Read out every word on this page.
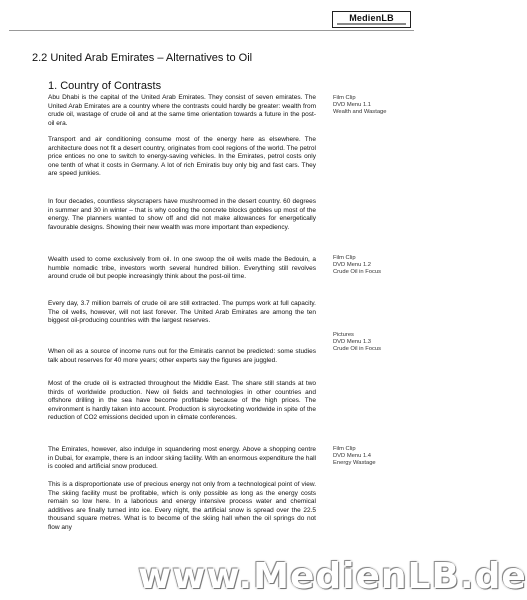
MedienLB
2.2 United Arab Emirates – Alternatives to Oil
1. Country of Contrasts

Abu Dhabi is the capital of the United Arab Emirates. They consist of seven emirates. The United Arab Emirates are a country where the contrasts could hardly be greater: wealth from crude oil, wastage of crude oil and at the same time orientation towards a future in the post-oil era.

Transport and air conditioning consume most of the energy here as elsewhere. The architecture does not fit a desert country, originates from cool regions of the world. The petrol price entices no one to switch to energy-saving vehicles. In the Emirates, petrol costs only one tenth of what it costs in Germany. A lot of rich Emiratis buy only big and fast cars. They are speed junkies.

In four decades, countless skyscrapers have mushroomed in the desert country. 60 degrees in summer and 30 in winter – that is why cooling the concrete blocks gobbles up most of the energy. The planners wanted to show off and did not make allowances for energetically favourable designs. Showing their new wealth was more important than expediency.

Wealth used to come exclusively from oil. In one swoop the oil wells made the Bedouin, a humble nomadic tribe, investors worth several hundred billion. Everything still revolves around crude oil but people increasingly think about the post-oil time.

Every day, 3.7 million barrels of crude oil are still extracted. The pumps work at full capacity. The oil wells, however, will not last forever. The United Arab Emirates are among the ten biggest oil-producing countries with the largest reserves.

When oil as a source of income runs out for the Emiratis cannot be predicted: some studies talk about reserves for 40 more years; other experts say the figures are juggled.

Most of the crude oil is extracted throughout the Middle East. The share still stands at two thirds of worldwide production. New oil fields and technologies in other countries and offshore drilling in the sea have become profitable because of the high prices. The environment is hardly taken into account. Production is skyrocketing worldwide in spite of the reduction of CO2 emissions decided upon in climate conferences.

The Emirates, however, also indulge in squandering most energy. Above a shopping centre in Dubai, for example, there is an indoor skiing facility. With an enormous expenditure the hall is cooled and artificial snow produced.

This is a disproportionate use of precious energy not only from a technological point of view. The skiing facility must be profitable, which is only possible as long as the energy costs remain so low here. In a laborious and energy intensive process water and chemical additives are finally turned into ice. Every night, the artificial snow is spread over the 22.5 thousand square metres. What is to become of the skiing hall when the oil springs do not flow any

Film Clip
DVD Menu 1.1
Wealth and Wastage
Film Clip
DVD Menu 1.2
Crude Oil in Focus
Pictures
DVD Menu 1.3
Crude Oil in Focus
Film Clip
DVD Menu 1.4
Energy Wastage
www.MedienLB.de
